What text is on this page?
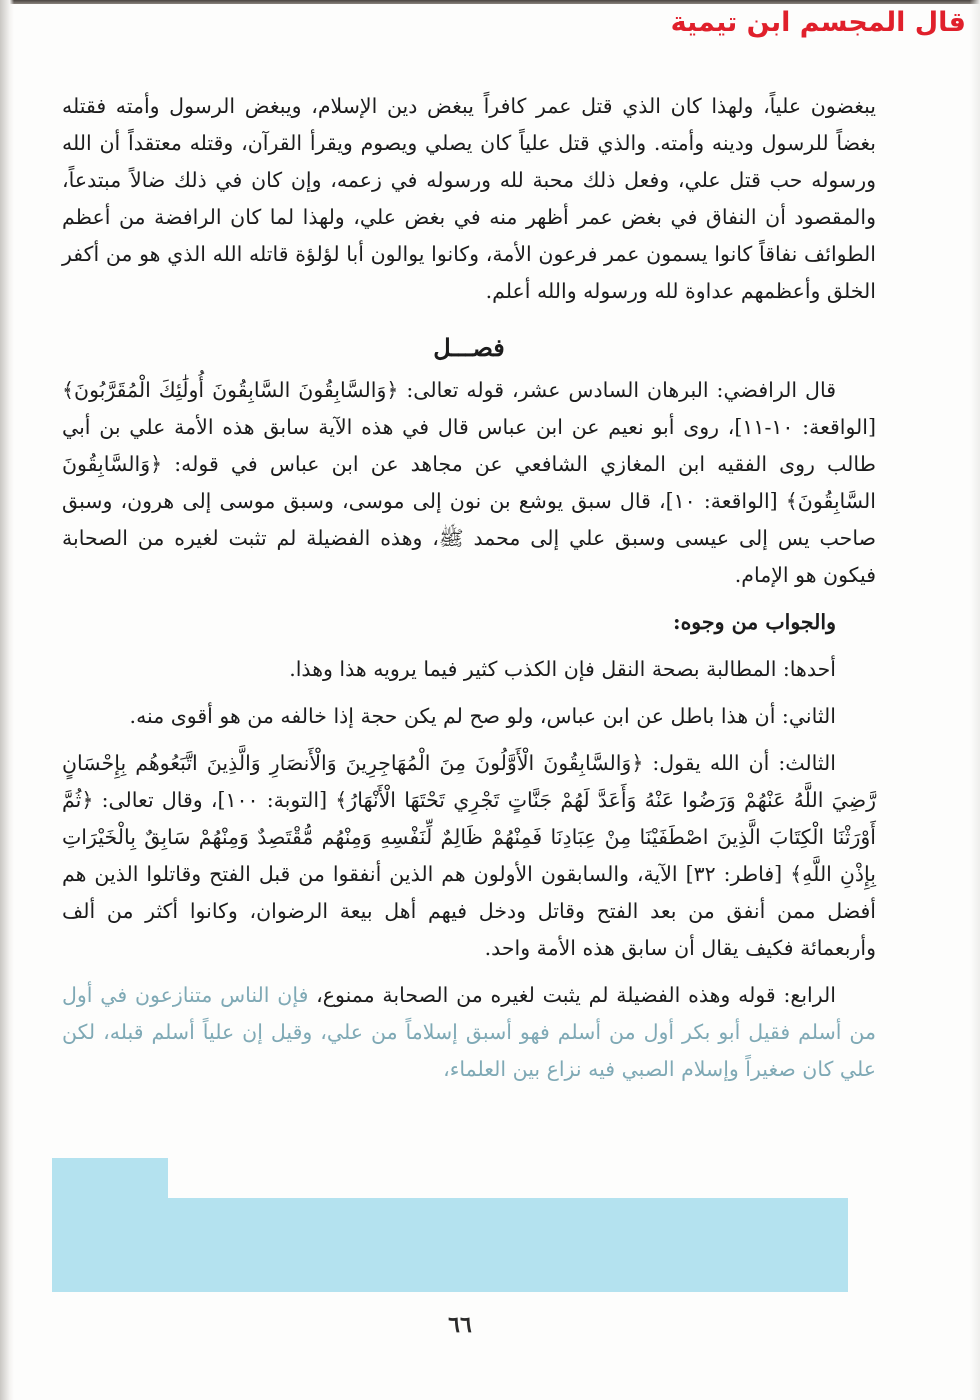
قال المجسم ابن تيمية

يبغضون علياً، ولهذا كان الذي قتل عمر كافراً يبغض دين الإسلام، ويبغض الرسول وأمته فقتله بغضاً للرسول ودينه وأمته. والذي قتل علياً كان يصلي ويصوم ويقرأ القرآن، وقتله معتقداً أن الله ورسوله حب قتل علي، وفعل ذلك محبة لله ورسوله في زعمه، وإن كان في ذلك ضالاً مبتدعاً، والمقصود أن النفاق في بغض عمر أظهر منه في بغض علي، ولهذا لما كان الرافضة من أعظم الطوائف نفاقاً كانوا يسمون عمر فرعون الأمة، وكانوا يوالون أبا لؤلؤة قاتله الله الذي هو من أكفر الخلق وأعظمهم عداوة لله ورسوله والله أعلم.

فصـــل

قال الرافضي: البرهان السادس عشر، قوله تعالى: ﴿وَالسَّابِقُونَ السَّابِقُونَ أُولَٰئِكَ الْمُقَرَّبُونَ﴾ [الواقعة: ١٠-١١]، روى أبو نعيم عن ابن عباس قال في هذه الآية سابق هذه الأمة علي بن أبي طالب روى الفقيه ابن المغازي الشافعي عن مجاهد عن ابن عباس في قوله: ﴿وَالسَّابِقُونَ السَّابِقُونَ﴾ [الواقعة: ١٠]، قال سبق يوشع بن نون إلى موسى، وسبق موسى إلى هرون، وسبق صاحب يس إلى عيسى وسبق علي إلى محمد ﷺ، وهذه الفضيلة لم تثبت لغيره من الصحابة فيكون هو الإمام.

والجواب من وجوه:

أحدها: المطالبة بصحة النقل فإن الكذب كثير فيما يرويه هذا وهذا.

الثاني: أن هذا باطل عن ابن عباس، ولو صح لم يكن حجة إذا خالفه من هو أقوى منه.

الثالث: أن الله يقول: ﴿وَالسَّابِقُونَ الْأَوَّلُونَ مِنَ الْمُهَاجِرِينَ وَالْأَنصَارِ وَالَّذِينَ اتَّبَعُوهُم بِإِحْسَانٍ رَّضِيَ اللَّهُ عَنْهُمْ وَرَضُوا عَنْهُ وَأَعَدَّ لَهُمْ جَنَّاتٍ تَجْرِي تَحْتَهَا الْأَنْهَارُ﴾ [التوبة: ١٠٠]، وقال تعالى: ﴿ثُمَّ أَوْرَثْنَا الْكِتَابَ الَّذِينَ اصْطَفَيْنَا مِنْ عِبَادِنَا فَمِنْهُمْ ظَالِمٌ لِّنَفْسِهِ وَمِنْهُم مُّقْتَصِدٌ وَمِنْهُمْ سَابِقٌ بِالْخَيْرَاتِ بِإِذْنِ اللَّهِ﴾ [فاطر: ٣٢] الآية، والسابقون الأولون هم الذين أنفقوا من قبل الفتح وقاتلوا الذين هم أفضل ممن أنفق من بعد الفتح وقاتل ودخل فيهم أهل بيعة الرضوان، وكانوا أكثر من ألف وأربعمائة فكيف يقال أن سابق هذه الأمة واحد.

الرابع: قوله وهذه الفضيلة لم يثبت لغيره من الصحابة ممنوع، فإن الناس متنازعون في أول من أسلم فقيل أبو بكر أول من أسلم فهو أسبق إسلاماً من علي، وقيل إن علياً أسلم قبله، لكن علي كان صغيراً وإسلام الصبي فيه نزاع بين العلماء،

٦٦
